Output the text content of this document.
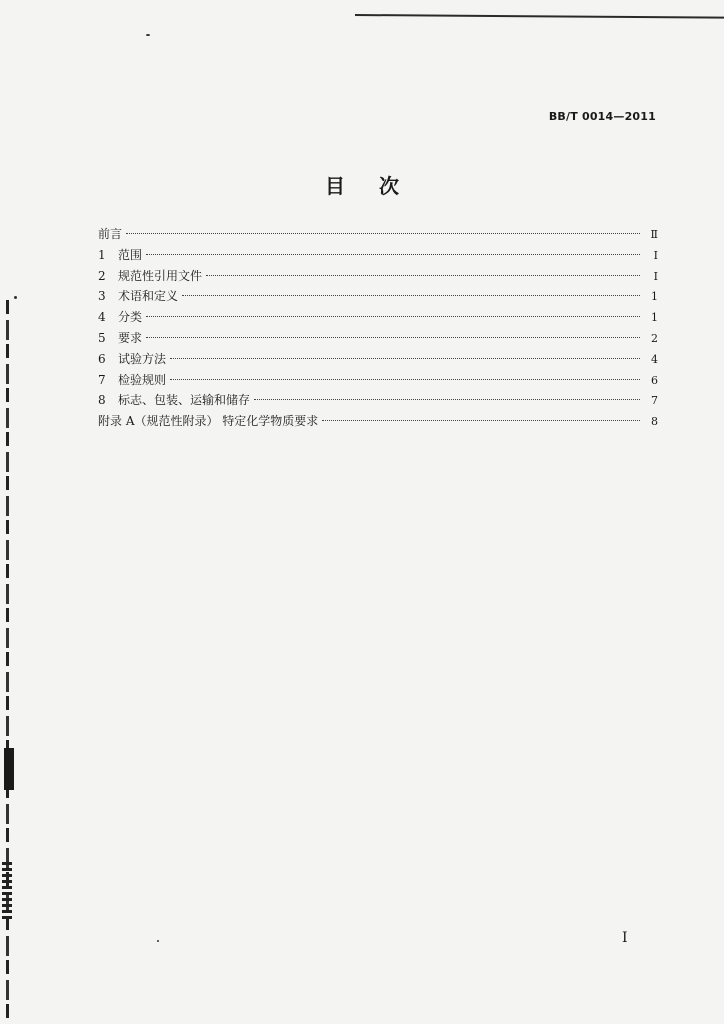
BB/T 0014—2011
目次
前言	Ⅱ
1	范围	I
2	规范性引用文件	I
3	术语和定义	1
4	分类	1
5	要求	2
6	试验方法	4
7	检验规则	6
8	标志、包装、运输和储存	7
附录 A（规范性附录） 特定化学物质要求	8
I
